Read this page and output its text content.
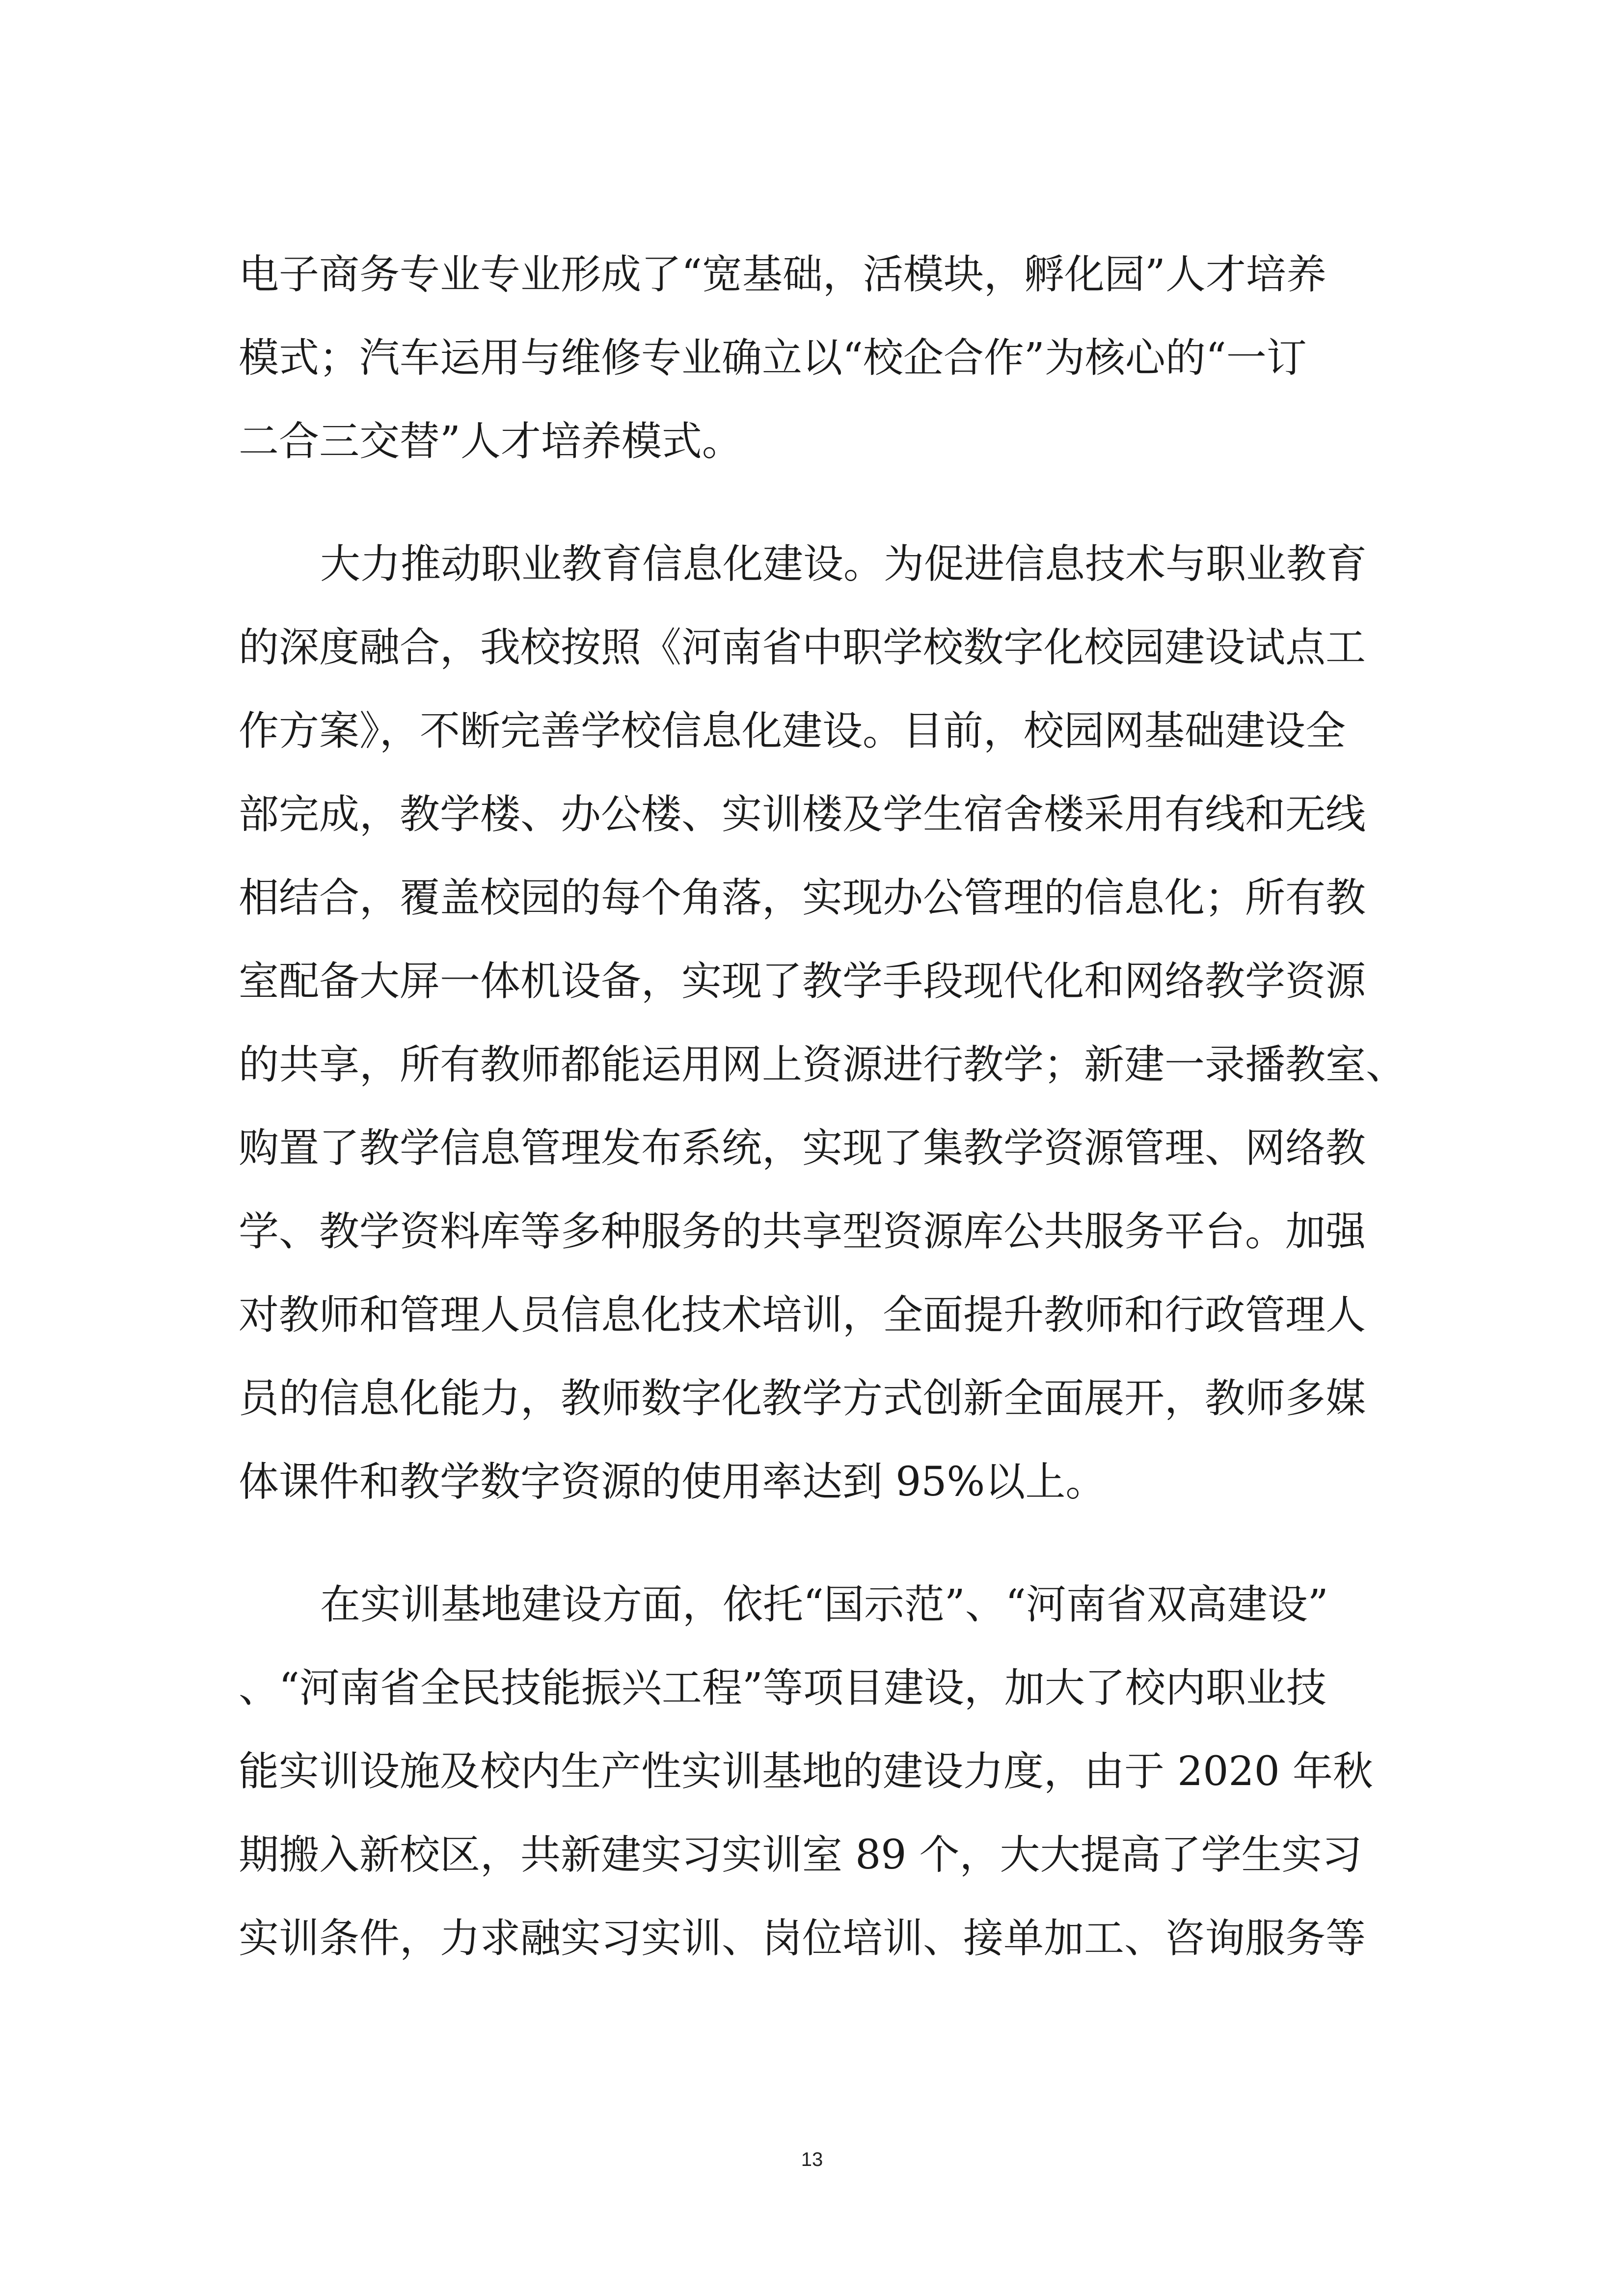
电子商务专业专业形成了“宽基础，活模块，孵化园”人才培养

模式；汽车运用与维修专业确立以“校企合作”为核心的“一订

二合三交替”人才培养模式。

大力推动职业教育信息化建设。为促进信息技术与职业教育

的深度融合，我校按照《河南省中职学校数字化校园建设试点工

作方案》，不断完善学校信息化建设。目前，校园网基础建设全

部完成，教学楼、办公楼、实训楼及学生宿舍楼采用有线和无线

相结合，覆盖校园的每个角落，实现办公管理的信息化；所有教

室配备大屏一体机设备，实现了教学手段现代化和网络教学资源

的共享，所有教师都能运用网上资源进行教学；新建一录播教室、

购置了教学信息管理发布系统，实现了集教学资源管理、网络教

学、教学资料库等多种服务的共享型资源库公共服务平台。加强

对教师和管理人员信息化技术培训，全面提升教师和行政管理人

员的信息化能力，教师数字化教学方式创新全面展开，教师多媒

体课件和教学数字资源的使用率达到 95%以上。

在实训基地建设方面，依托“国示范”、“河南省双高建设”

、“河南省全民技能振兴工程”等项目建设，加大了校内职业技

能实训设施及校内生产性实训基地的建设力度，由于 2020 年秋

期搬入新校区，共新建实习实训室 89 个，大大提高了学生实习

实训条件，力求融实习实训、岗位培训、接单加工、咨询服务等

13
